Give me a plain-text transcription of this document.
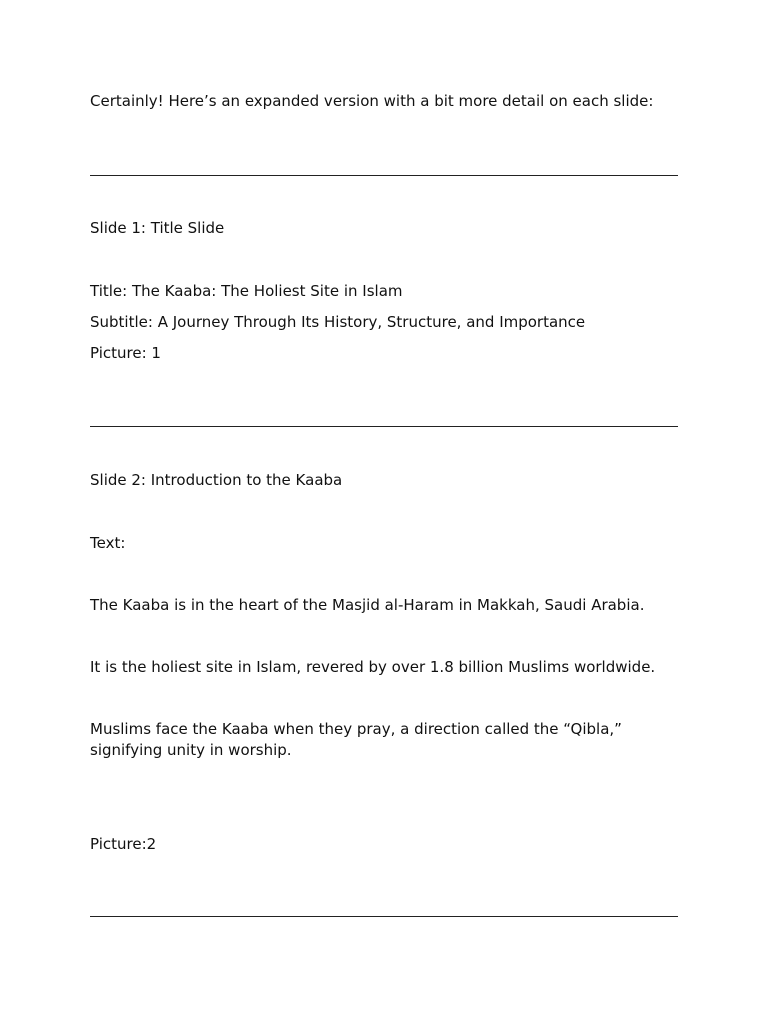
Certainly! Here’s an expanded version with a bit more detail on each slide:

Slide 1: Title Slide

Title: The Kaaba: The Holiest Site in Islam

Subtitle: A Journey Through Its History, Structure, and Importance

Picture: 1

Slide 2: Introduction to the Kaaba

Text:

The Kaaba is in the heart of the Masjid al-Haram in Makkah, Saudi Arabia.

It is the holiest site in Islam, revered by over 1.8 billion Muslims worldwide.

Muslims face the Kaaba when they pray, a direction called the “Qibla,” signifying unity in worship.

Picture:2
